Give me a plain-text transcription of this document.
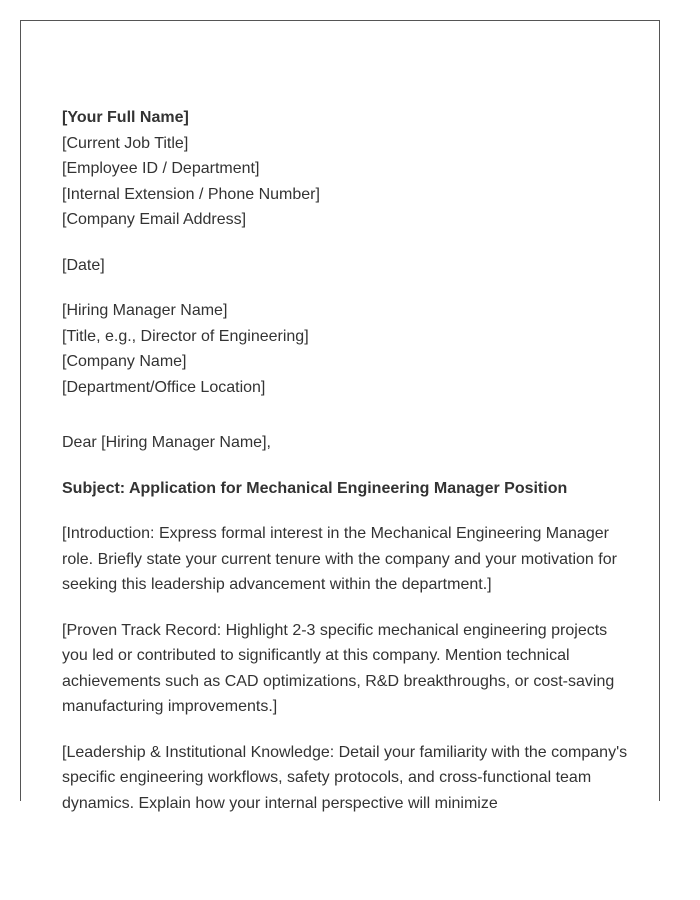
[Your Full Name]
[Current Job Title]
[Employee ID / Department]
[Internal Extension / Phone Number]
[Company Email Address]
[Date]
[Hiring Manager Name]
[Title, e.g., Director of Engineering]
[Company Name]
[Department/Office Location]
Dear [Hiring Manager Name],
Subject: Application for Mechanical Engineering Manager Position
[Introduction: Express formal interest in the Mechanical Engineering Manager role. Briefly state your current tenure with the company and your motivation for seeking this leadership advancement within the department.]
[Proven Track Record: Highlight 2-3 specific mechanical engineering projects you led or contributed to significantly at this company. Mention technical achievements such as CAD optimizations, R&D breakthroughs, or cost-saving manufacturing improvements.]
[Leadership & Institutional Knowledge: Detail your familiarity with the company's specific engineering workflows, safety protocols, and cross-functional team dynamics. Explain how your internal perspective will minimize
